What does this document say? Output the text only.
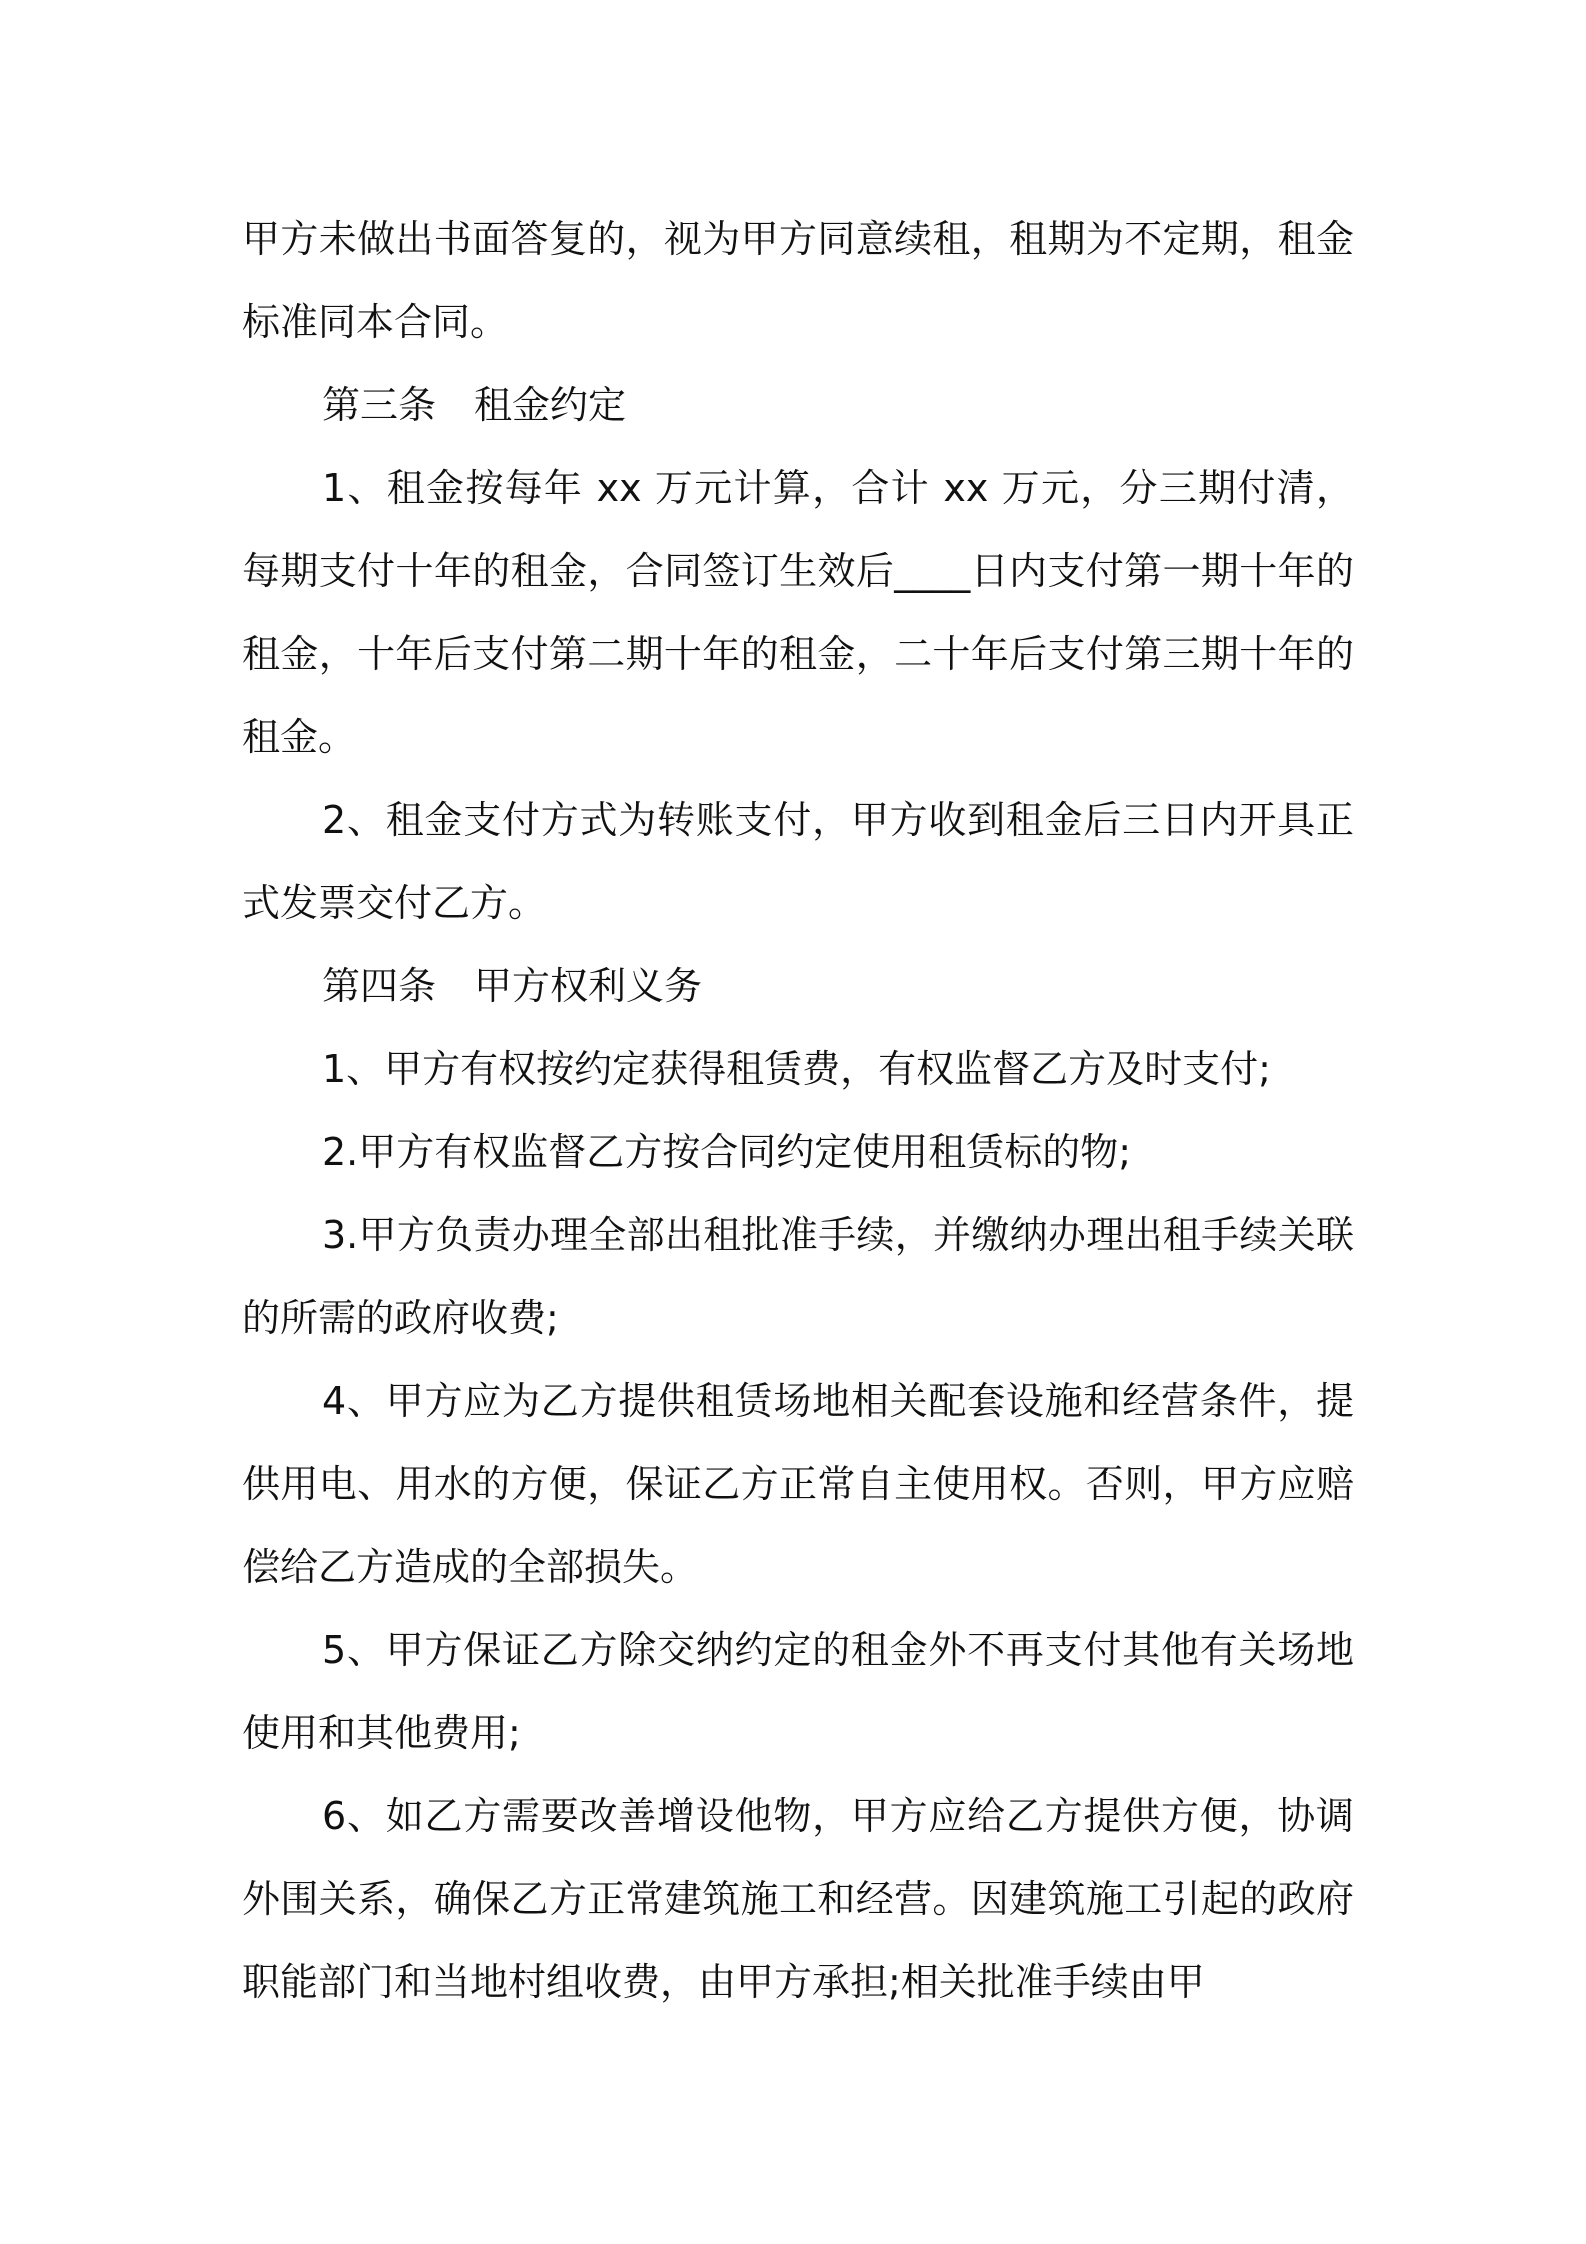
甲方未做出书面答复的，视为甲方同意续租，租期为不定期，租金标准同本合同。

第三条　租金约定

1、租金按每年 xx 万元计算，合计 xx 万元，分三期付清，每期支付十年的租金，合同签订生效后____日内支付第一期十年的租金，十年后支付第二期十年的租金，二十年后支付第三期十年的租金。

2、租金支付方式为转账支付，甲方收到租金后三日内开具正式发票交付乙方。

第四条　甲方权利义务

1、甲方有权按约定获得租赁费，有权监督乙方及时支付;

2.甲方有权监督乙方按合同约定使用租赁标的物;

3.甲方负责办理全部出租批准手续，并缴纳办理出租手续关联的所需的政府收费;

4、甲方应为乙方提供租赁场地相关配套设施和经营条件，提供用电、用水的方便，保证乙方正常自主使用权。否则，甲方应赔偿给乙方造成的全部损失。

5、甲方保证乙方除交纳约定的租金外不再支付其他有关场地使用和其他费用;

6、如乙方需要改善增设他物，甲方应给乙方提供方便，协调外围关系，确保乙方正常建筑施工和经营。因建筑施工引起的政府职能部门和当地村组收费，由甲方承担;相关批准手续由甲
